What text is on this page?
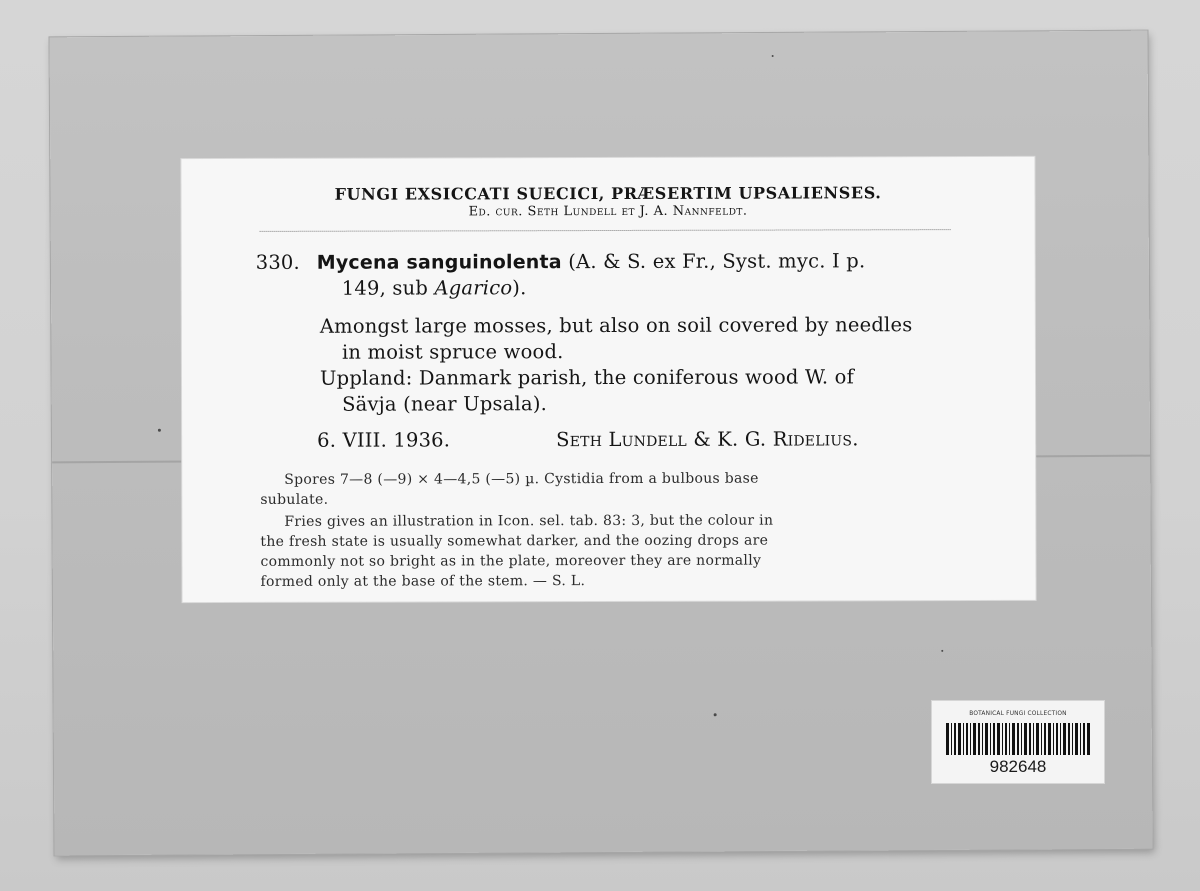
FUNGI EXSICCATI SUECICI, PRÆSERTIM UPSALIENSES.
Ed. cur. Seth Lundell et J. A. Nannfeldt.
330. Mycena sanguinolenta (A. & S. ex Fr., Syst. myc. I p.
149, sub Agarico).
Amongst large mosses, but also on soil covered by needles
in moist spruce wood.
Uppland: Danmark parish, the coniferous wood W. of
Sävja (near Upsala).
6. VIII. 1936.	Seth Lundell & K. G. Ridelius.
Spores 7—8 (—9) × 4—4,5 (—5) µ. Cystidia from a bulbous base
subulate.
Fries gives an illustration in Icon. sel. tab. 83: 3, but the colour in
the fresh state is usually somewhat darker, and the oozing drops are
commonly not so bright as in the plate, moreover they are normally
formed only at the base of the stem. — S. L.
BOTANICAL FUNGI COLLECTION
982648
